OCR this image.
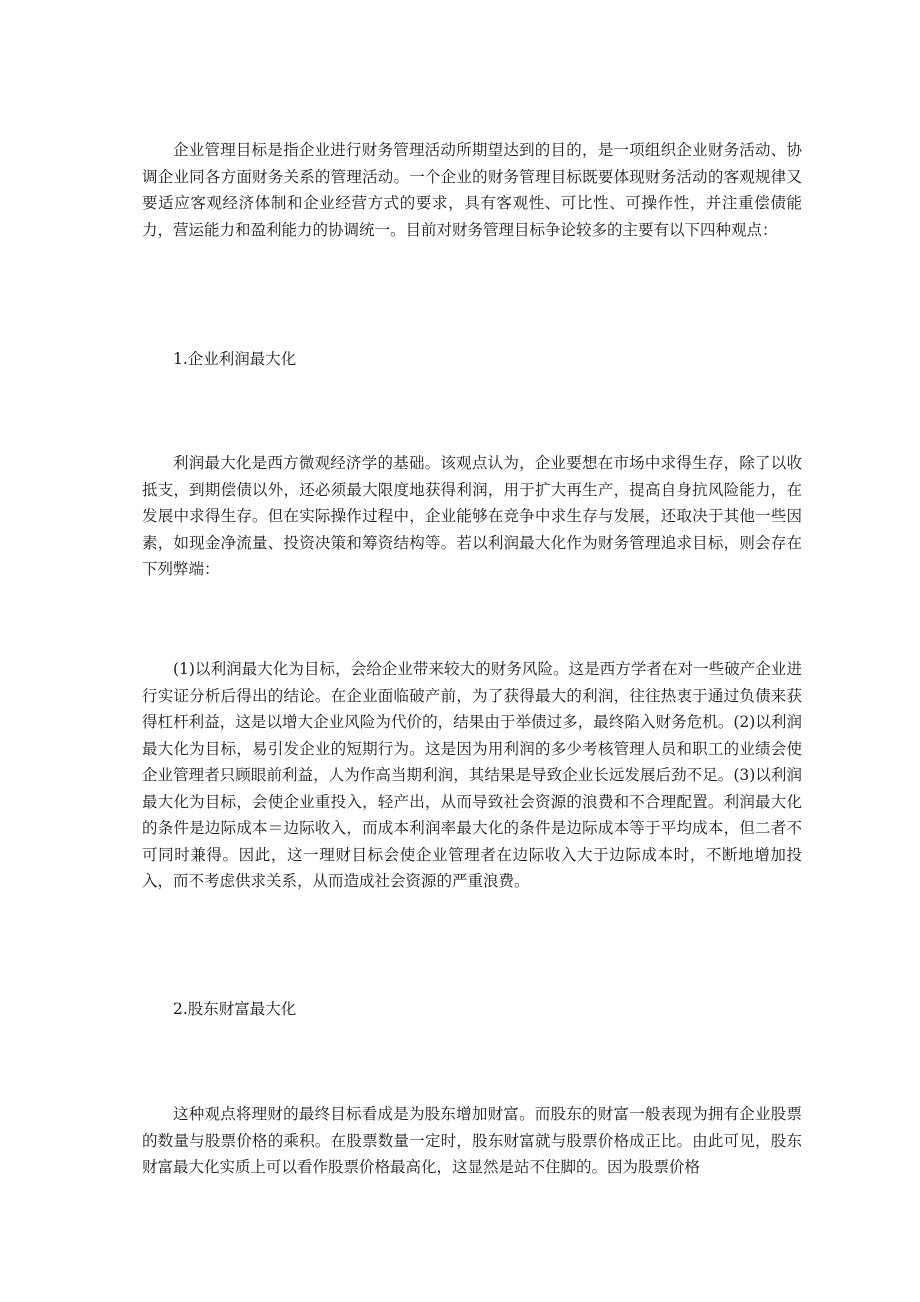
企业管理目标是指企业进行财务管理活动所期望达到的目的，是一项组织企业财务活动、协调企业同各方面财务关系的管理活动。一个企业的财务管理目标既要体现财务活动的客观规律又要适应客观经济体制和企业经营方式的要求，具有客观性、可比性、可操作性，并注重偿债能力，营运能力和盈利能力的协调统一。目前对财务管理目标争论较多的主要有以下四种观点：

1.企业利润最大化

利润最大化是西方微观经济学的基础。该观点认为，企业要想在市场中求得生存，除了以收抵支，到期偿债以外，还必须最大限度地获得利润，用于扩大再生产，提高自身抗风险能力，在发展中求得生存。但在实际操作过程中，企业能够在竞争中求生存与发展，还取决于其他一些因素，如现金净流量、投资决策和筹资结构等。若以利润最大化作为财务管理追求目标，则会存在下列弊端：

(1)以利润最大化为目标，会给企业带来较大的财务风险。这是西方学者在对一些破产企业进行实证分析后得出的结论。在企业面临破产前，为了获得最大的利润，往往热衷于通过负债来获得杠杆利益，这是以增大企业风险为代价的，结果由于举债过多，最终陷入财务危机。(2)以利润最大化为目标，易引发企业的短期行为。这是因为用利润的多少考核管理人员和职工的业绩会使企业管理者只顾眼前利益，人为作高当期利润，其结果是导致企业长远发展后劲不足。(3)以利润最大化为目标，会使企业重投入，轻产出，从而导致社会资源的浪费和不合理配置。利润最大化的条件是边际成本＝边际收入，而成本利润率最大化的条件是边际成本等于平均成本，但二者不可同时兼得。因此，这一理财目标会使企业管理者在边际收入大于边际成本时，不断地增加投入，而不考虑供求关系，从而造成社会资源的严重浪费。

2.股东财富最大化

这种观点将理财的最终目标看成是为股东增加财富。而股东的财富一般表现为拥有企业股票的数量与股票价格的乘积。在股票数量一定时，股东财富就与股票价格成正比。由此可见，股东财富最大化实质上可以看作股票价格最高化，这显然是站不住脚的。因为股票价格
